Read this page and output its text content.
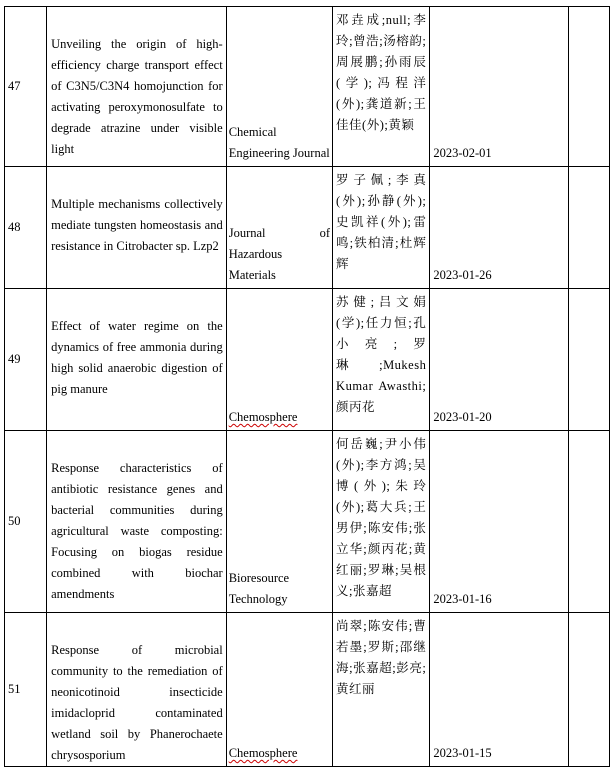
47	Unveiling the origin of high-efficiency charge transport effect of C3N5/C3N4 homojunction for activating peroxymonosulfate to degrade atrazine under visible light	Chemical Engineering Journal	邓垚成;null;李玲;曾浩;汤榕韵;周展鹏;孙雨辰(学);冯程洋(外);龚道新;王佳佳(外);黄颖	2023-02-01	

48	Multiple mechanisms collectively mediate tungsten homeostasis and resistance in Citrobacter sp. Lzp2	Journal of Hazardous Materials	罗子佩;李真(外);孙静(外);史凯祥(外);雷鸣;铁柏清;杜辉辉	2023-01-26	

49	Effect of water regime on the dynamics of free ammonia during high solid anaerobic digestion of pig manure	Chemosphere	苏健;吕文娟(学);任力恒;孔小亮;罗琳;Mukesh Kumar Awasthi;颜丙花	2023-01-20	

50	Response characteristics of antibiotic resistance genes and bacterial communities during agricultural waste composting: Focusing on biogas residue combined with biochar amendments	Bioresource Technology	何岳巍;尹小伟(外);李方鸿;吴博(外);朱玲(外);葛大兵;王男伊;陈安伟;张立华;颜丙花;黄红丽;罗琳;吴根义;张嘉超	2023-01-16	

51	Response of microbial community to the remediation of neonicotinoid insecticide imidacloprid contaminated wetland soil by Phanerochaete chrysosporium	Chemosphere	尚翠;陈安伟;曹若墨;罗斯;邵继海;张嘉超;彭亮;黄红丽	2023-01-15	
